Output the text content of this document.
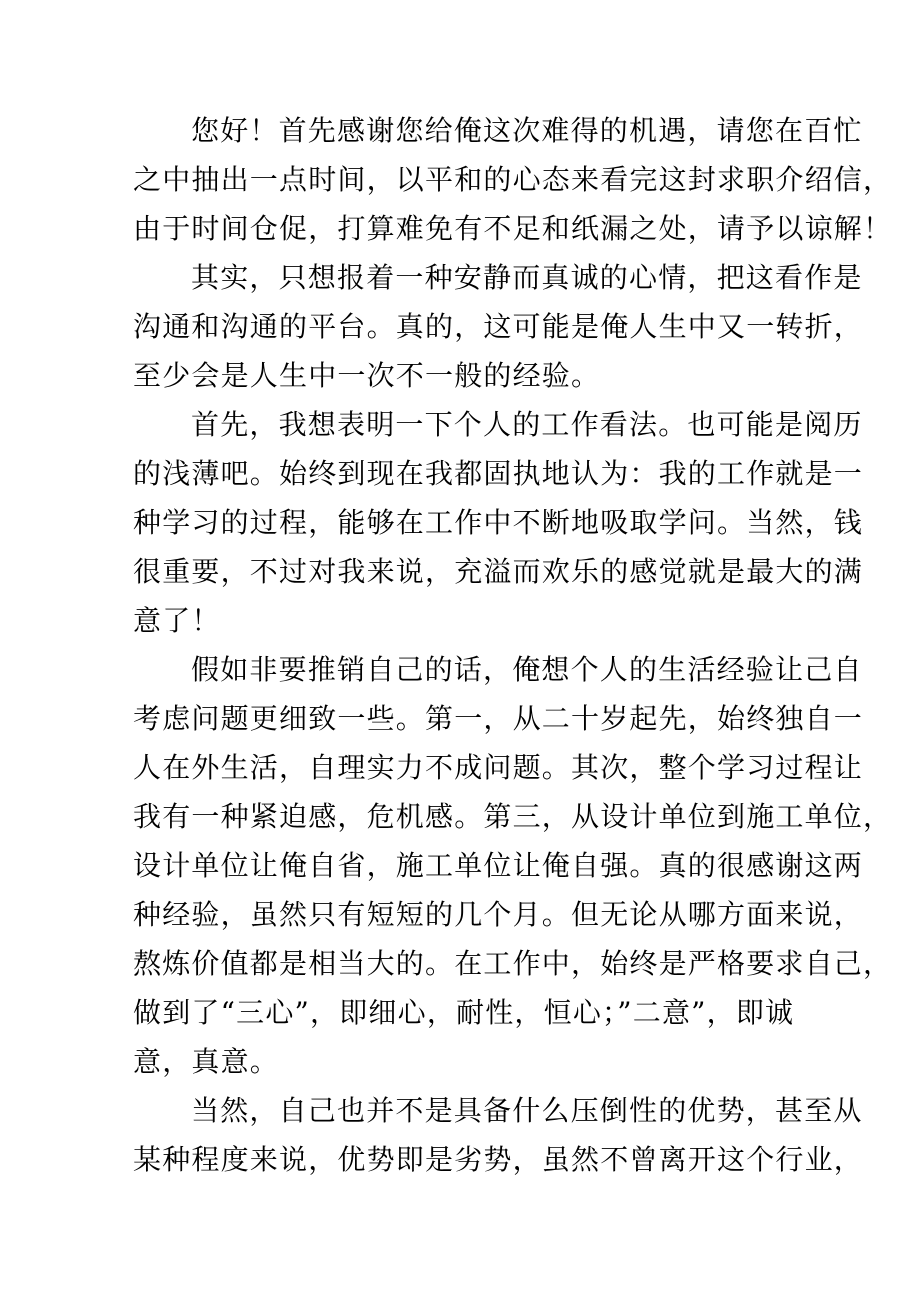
您好！首先感谢您给俺这次难得的机遇，请您在百忙
之中抽出一点时间，以平和的心态来看完这封求职介绍信，
由于时间仓促，打算难免有不足和纸漏之处，请予以谅解！
其实，只想报着一种安静而真诚的心情，把这看作是
沟通和沟通的平台。真的，这可能是俺人生中又一转折，
至少会是人生中一次不一般的经验。
首先，我想表明一下个人的工作看法。也可能是阅历
的浅薄吧。始终到现在我都固执地认为：我的工作就是一
种学习的过程，能够在工作中不断地吸取学问。当然，钱
很重要，不过对我来说，充溢而欢乐的感觉就是最大的满
意了！
假如非要推销自己的话，俺想个人的生活经验让己自
考虑问题更细致一些。第一，从二十岁起先，始终独自一
人在外生活，自理实力不成问题。其次，整个学习过程让
我有一种紧迫感，危机感。第三，从设计单位到施工单位，
设计单位让俺自省，施工单位让俺自强。真的很感谢这两
种经验，虽然只有短短的几个月。但无论从哪方面来说，
熬炼价值都是相当大的。在工作中，始终是严格要求自己，
做到了“三心”，即细心，耐性，恒心；”二意”，即诚
意，真意。
当然，自己也并不是具备什么压倒性的优势，甚至从
某种程度来说，优势即是劣势，虽然不曾离开这个行业，
